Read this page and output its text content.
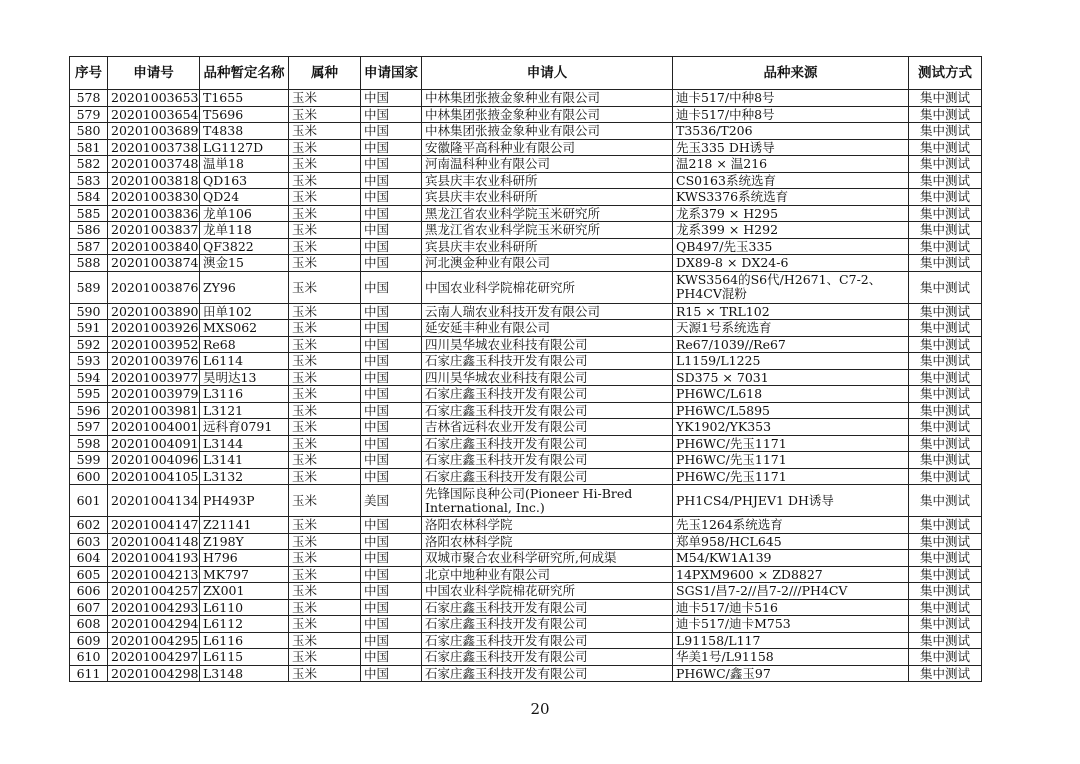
序号	申请号	品种暂定名称	属种	申请国家	申请人	品种来源	测试方式
578	20201003653	T1655	玉米	中国	中林集团张掖金象种业有限公司	迪卡517/中种8号	集中测试
579	20201003654	T5696	玉米	中国	中林集团张掖金象种业有限公司	迪卡517/中种8号	集中测试
580	20201003689	T4838	玉米	中国	中林集团张掖金象种业有限公司	T3536/T206	集中测试
581	20201003738	LG1127D	玉米	中国	安徽隆平高科种业有限公司	先玉335 DH诱导	集中测试
582	20201003748	温単18	玉米	中国	河南温科种业有限公司	温218 × 温216	集中测试
583	20201003818	QD163	玉米	中国	宾县庆丰农业科研所	CS0163系统选育	集中测试
584	20201003830	QD24	玉米	中国	宾县庆丰农业科研所	KWS3376系统选育	集中测试
585	20201003836	龙单106	玉米	中国	黑龙江省农业科学院玉米研究所	龙系379 × H295	集中测试
586	20201003837	龙单118	玉米	中国	黑龙江省农业科学院玉米研究所	龙系399 × H292	集中测试
587	20201003840	QF3822	玉米	中国	宾县庆丰农业科研所	QB497/先玉335	集中测试
588	20201003874	澳金15	玉米	中国	河北澳金种业有限公司	DX89-8 × DX24-6	集中测试
589	20201003876	ZY96	玉米	中国	中国农业科学院棉花研究所	KWS3564的S6代/H2671、C7-2、PH4CV混粉	集中测试
590	20201003890	田单102	玉米	中国	云南人瑞农业科技开发有限公司	R15 × TRL102	集中测试
591	20201003926	MXS062	玉米	中国	延安延丰种业有限公司	天源1号系统选育	集中测试
592	20201003952	Re68	玉米	中国	四川昊华城农业科技有限公司	Re67/1039//Re67	集中测试
593	20201003976	L6114	玉米	中国	石家庄鑫玉科技开发有限公司	L1159/L1225	集中测试
594	20201003977	昊明达13	玉米	中国	四川昊华城农业科技有限公司	SD375 × 7031	集中测试
595	20201003979	L3116	玉米	中国	石家庄鑫玉科技开发有限公司	PH6WC/L618	集中测试
596	20201003981	L3121	玉米	中国	石家庄鑫玉科技开发有限公司	PH6WC/L5895	集中测试
597	20201004001	远科育0791	玉米	中国	吉林省远科农业开发有限公司	YK1902/YK353	集中测试
598	20201004091	L3144	玉米	中国	石家庄鑫玉科技开发有限公司	PH6WC/先玉1171	集中测试
599	20201004096	L3141	玉米	中国	石家庄鑫玉科技开发有限公司	PH6WC/先玉1171	集中测试
600	20201004105	L3132	玉米	中国	石家庄鑫玉科技开发有限公司	PH6WC/先玉1171	集中测试
601	20201004134	PH493P	玉米	美国	先锋国际良种公司(Pioneer Hi-Bred International, Inc.)	PH1CS4/PHJEV1 DH诱导	集中测试
602	20201004147	Z21141	玉米	中国	洛阳农林科学院	先玉1264系统选育	集中测试
603	20201004148	Z198Y	玉米	中国	洛阳农林科学院	郑单958/HCL645	集中测试
604	20201004193	H796	玉米	中国	双城市聚合农业科学研究所,何成渠	M54/KW1A139	集中测试
605	20201004213	MK797	玉米	中国	北京中地种业有限公司	14PXM9600 × ZD8827	集中测试
606	20201004257	ZX001	玉米	中国	中国农业科学院棉花研究所	SGS1/昌7-2//昌7-2///PH4CV	集中测试
607	20201004293	L6110	玉米	中国	石家庄鑫玉科技开发有限公司	迪卡517/迪卡516	集中测试
608	20201004294	L6112	玉米	中国	石家庄鑫玉科技开发有限公司	迪卡517/迪卡M753	集中测试
609	20201004295	L6116	玉米	中国	石家庄鑫玉科技开发有限公司	L91158/L117	集中测试
610	20201004297	L6115	玉米	中国	石家庄鑫玉科技开发有限公司	华美1号/L91158	集中测试
611	20201004298	L3148	玉米	中国	石家庄鑫玉科技开发有限公司	PH6WC/鑫玉97	集中测试
20
